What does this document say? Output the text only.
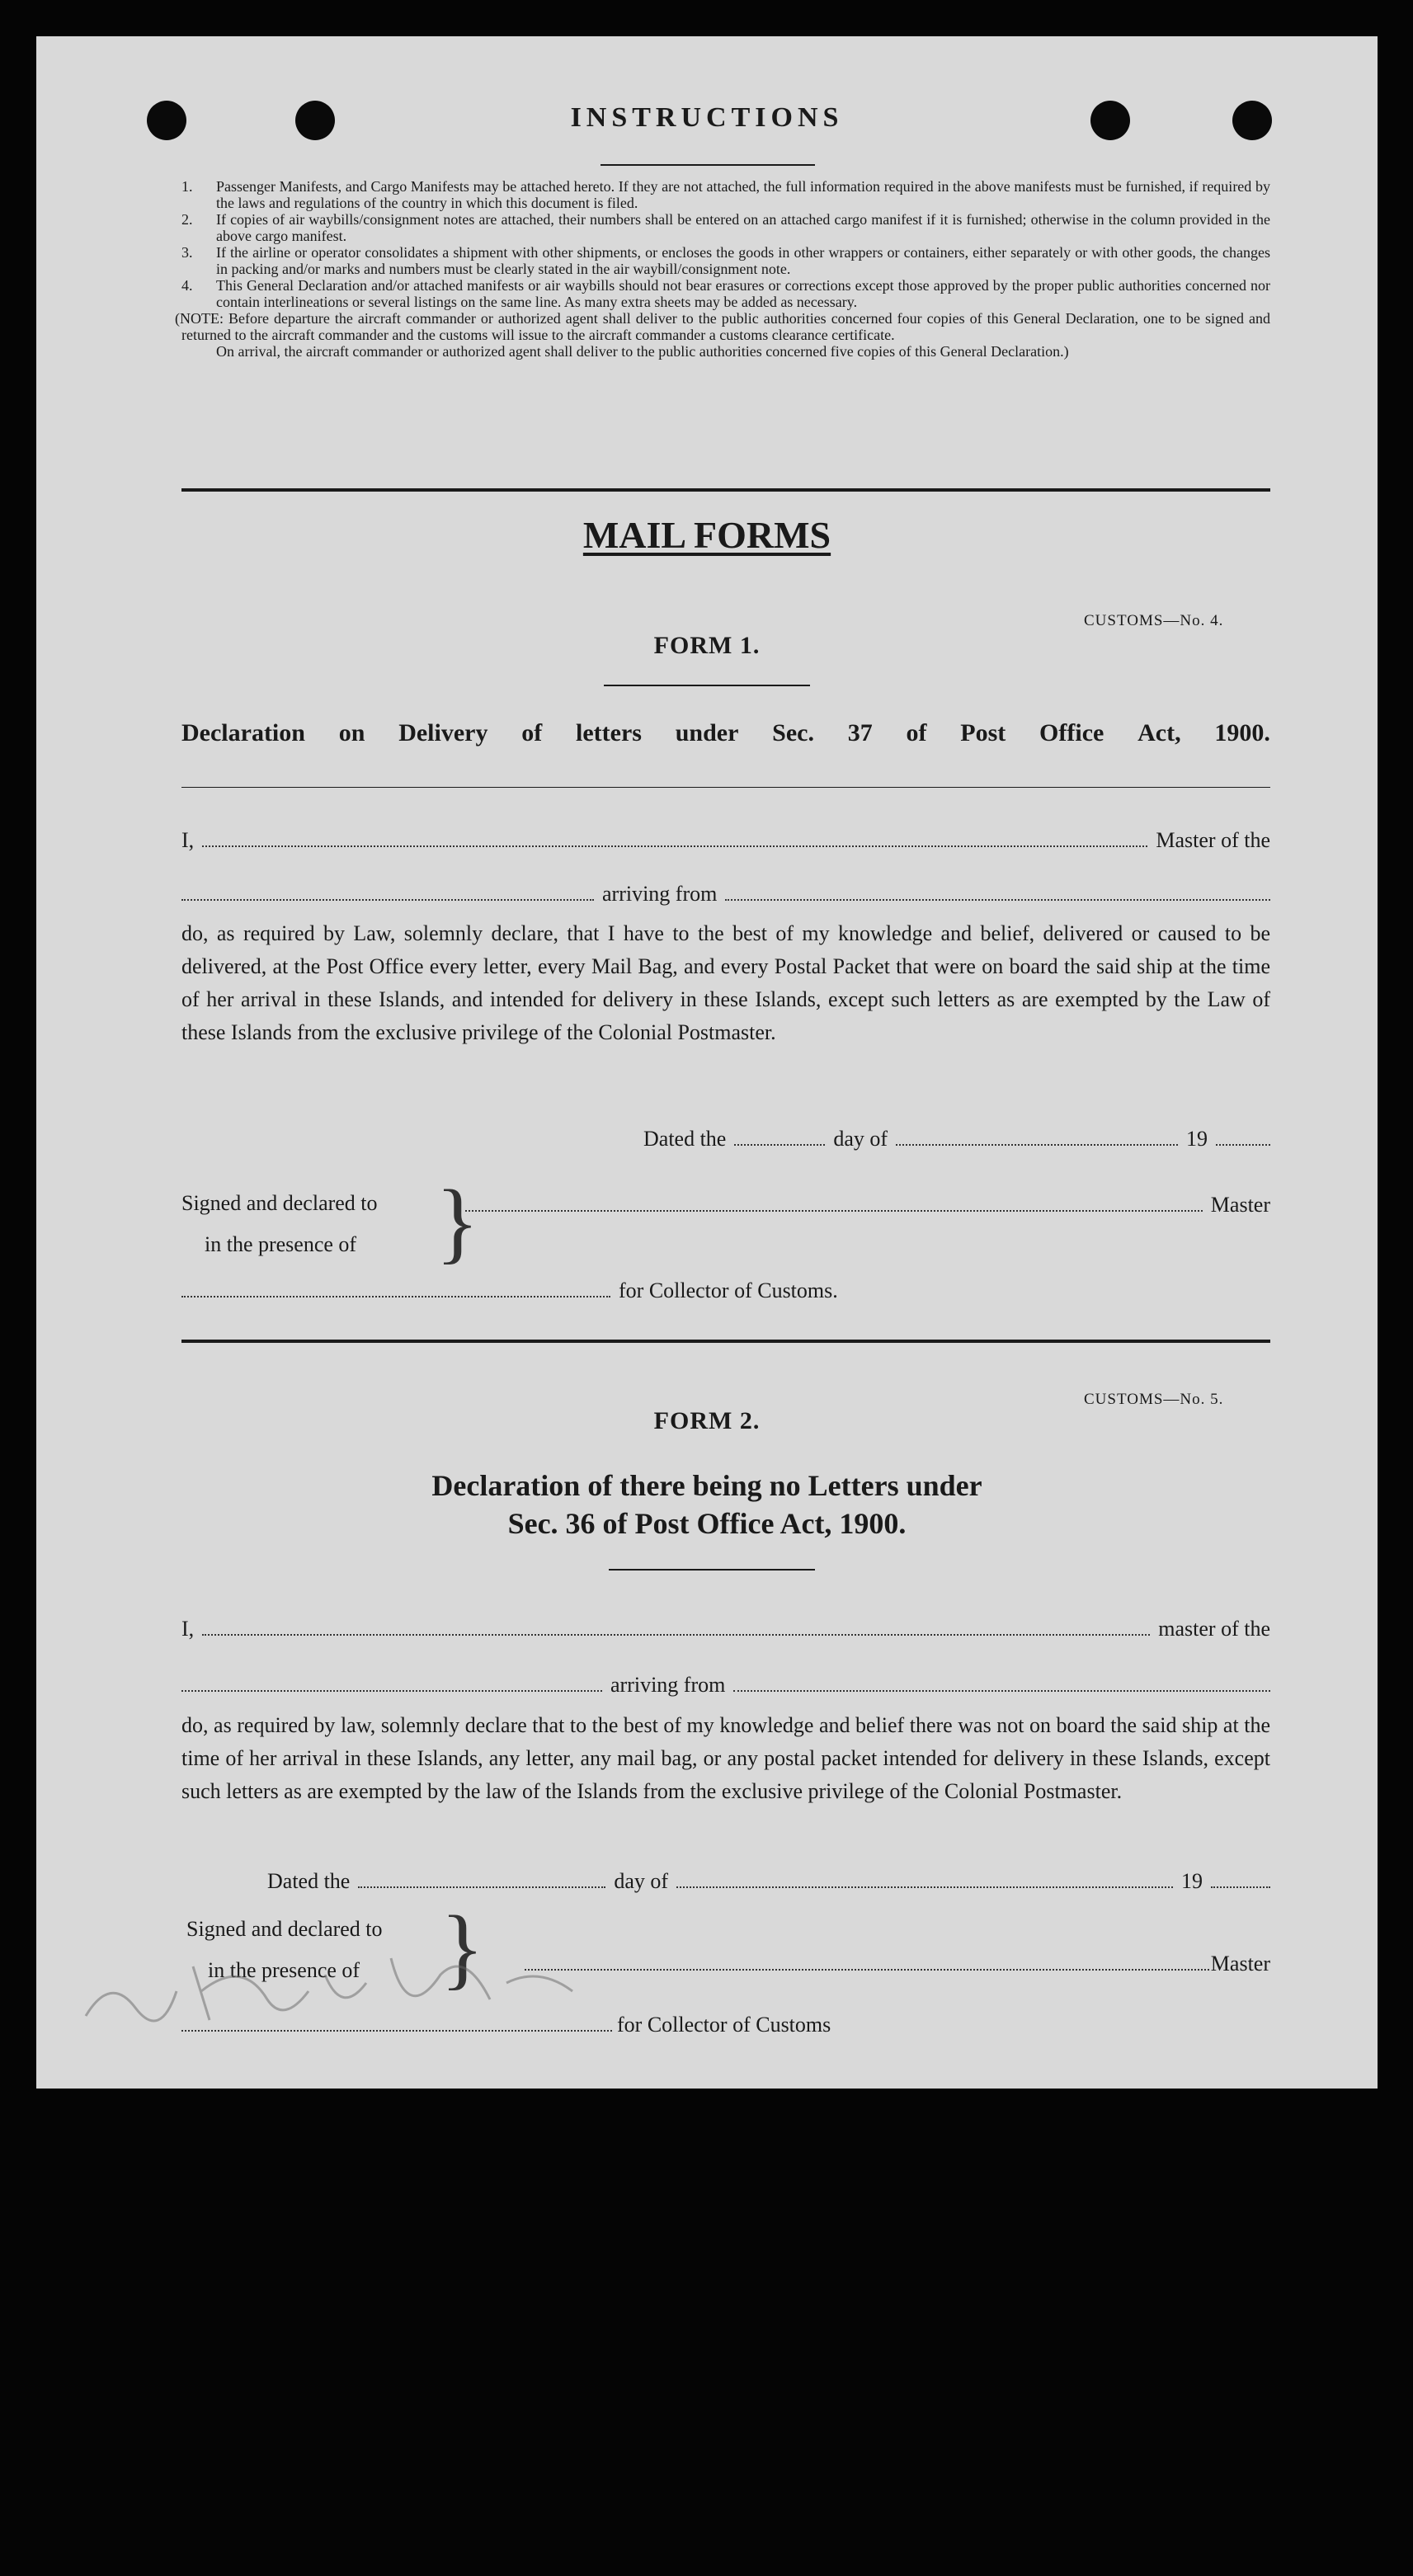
INSTRUCTIONS
1. Passenger Manifests, and Cargo Manifests may be attached hereto. If they are not attached, the full information required in the above manifests must be furnished, if required by the laws and regulations of the country in which this document is filed.
2. If copies of air waybills/consignment notes are attached, their numbers shall be entered on an attached cargo manifest if it is furnished; otherwise in the column provided in the above cargo manifest.
3. If the airline or operator consolidates a shipment with other shipments, or encloses the goods in other wrappers or containers, either separately or with other goods, the changes in packing and/or marks and numbers must be clearly stated in the air waybill/consignment note.
4. This General Declaration and/or attached manifests or air waybills should not bear erasures or corrections except those approved by the proper public authorities concerned nor contain interlineations or several listings on the same line. As many extra sheets may be added as necessary.
(NOTE: Before departure the aircraft commander or authorized agent shall deliver to the public authorities concerned four copies of this General Declaration, one to be signed and returned to the aircraft commander and the customs will issue to the aircraft commander a customs clearance certificate.
On arrival, the aircraft commander or authorized agent shall deliver to the public authorities concerned five copies of this General Declaration.)
MAIL FORMS
CUSTOMS—No. 4.
FORM 1.
Declaration on Delivery of letters under Sec. 37 of Post Office Act, 1900.
I,	Master of the
arriving from
do, as required by Law, solemnly declare, that I have to the best of my knowledge and belief, delivered or caused to be delivered, at the Post Office every letter, every Mail Bag, and every Postal Packet that were on board the said ship at the time of her arrival in these Islands, and intended for delivery in these Islands, except such letters as are exempted by the Law of these Islands from the exclusive privilege of the Colonial Postmaster.
Dated the	day of	19
Signed and declared to
in the presence of }	Master
for Collector of Customs.
CUSTOMS—No. 5.
FORM 2.
Declaration of there being no Letters under
Sec. 36 of Post Office Act, 1900.
I,	master of the
arriving from
do, as required by law, solemnly declare that to the best of my knowledge and belief there was not on board the said ship at the time of her arrival in these Islands, any letter, any mail bag, or any postal packet intended for delivery in these Islands, except such letters as are exempted by the law of the Islands from the exclusive privilege of the Colonial Postmaster.
Dated the	day of	19
Signed and declared to
in the presence of }	Master
for Collector of Customs
